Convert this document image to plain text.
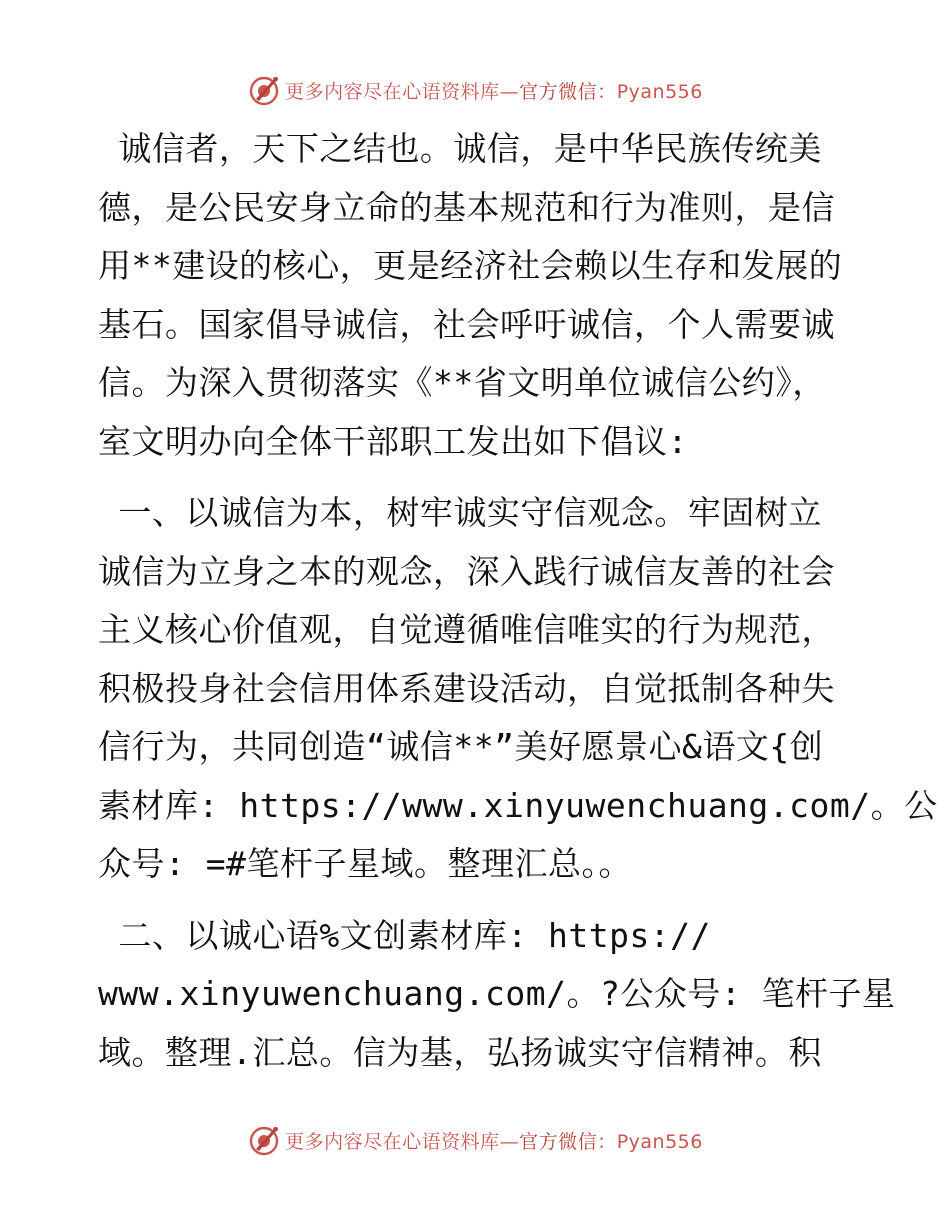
更多内容尽在心语资料库—官方微信：Pyan556

诚信者，天下之结也。诚信，是中华民族传统美
德，是公民安身立命的基本规范和行为准则，是信
用**建设的核心，更是经济社会赖以生存和发展的
基石。国家倡导诚信，社会呼吁诚信，个人需要诚
信。为深入贯彻落实《**省文明单位诚信公约》，
室文明办向全体干部职工发出如下倡议:

一、以诚信为本，树牢诚实守信观念。牢固树立
诚信为立身之本的观念，深入践行诚信友善的社会
主义核心价值观，自觉遵循唯信唯实的行为规范，
积极投身社会信用体系建设活动，自觉抵制各种失
信行为，共同创造“诚信**”美好愿景心&语文{创
素材库: https://www.xinyuwenchuang.com/。公
众号: =#笔杆子星域。整理汇总。。

二、以诚心语%文创素材库: https://
www.xinyuwenchuang.com/。?公众号: 笔杆子星
域。整理.汇总。信为基，弘扬诚实守信精神。积

更多内容尽在心语资料库—官方微信：Pyan556
